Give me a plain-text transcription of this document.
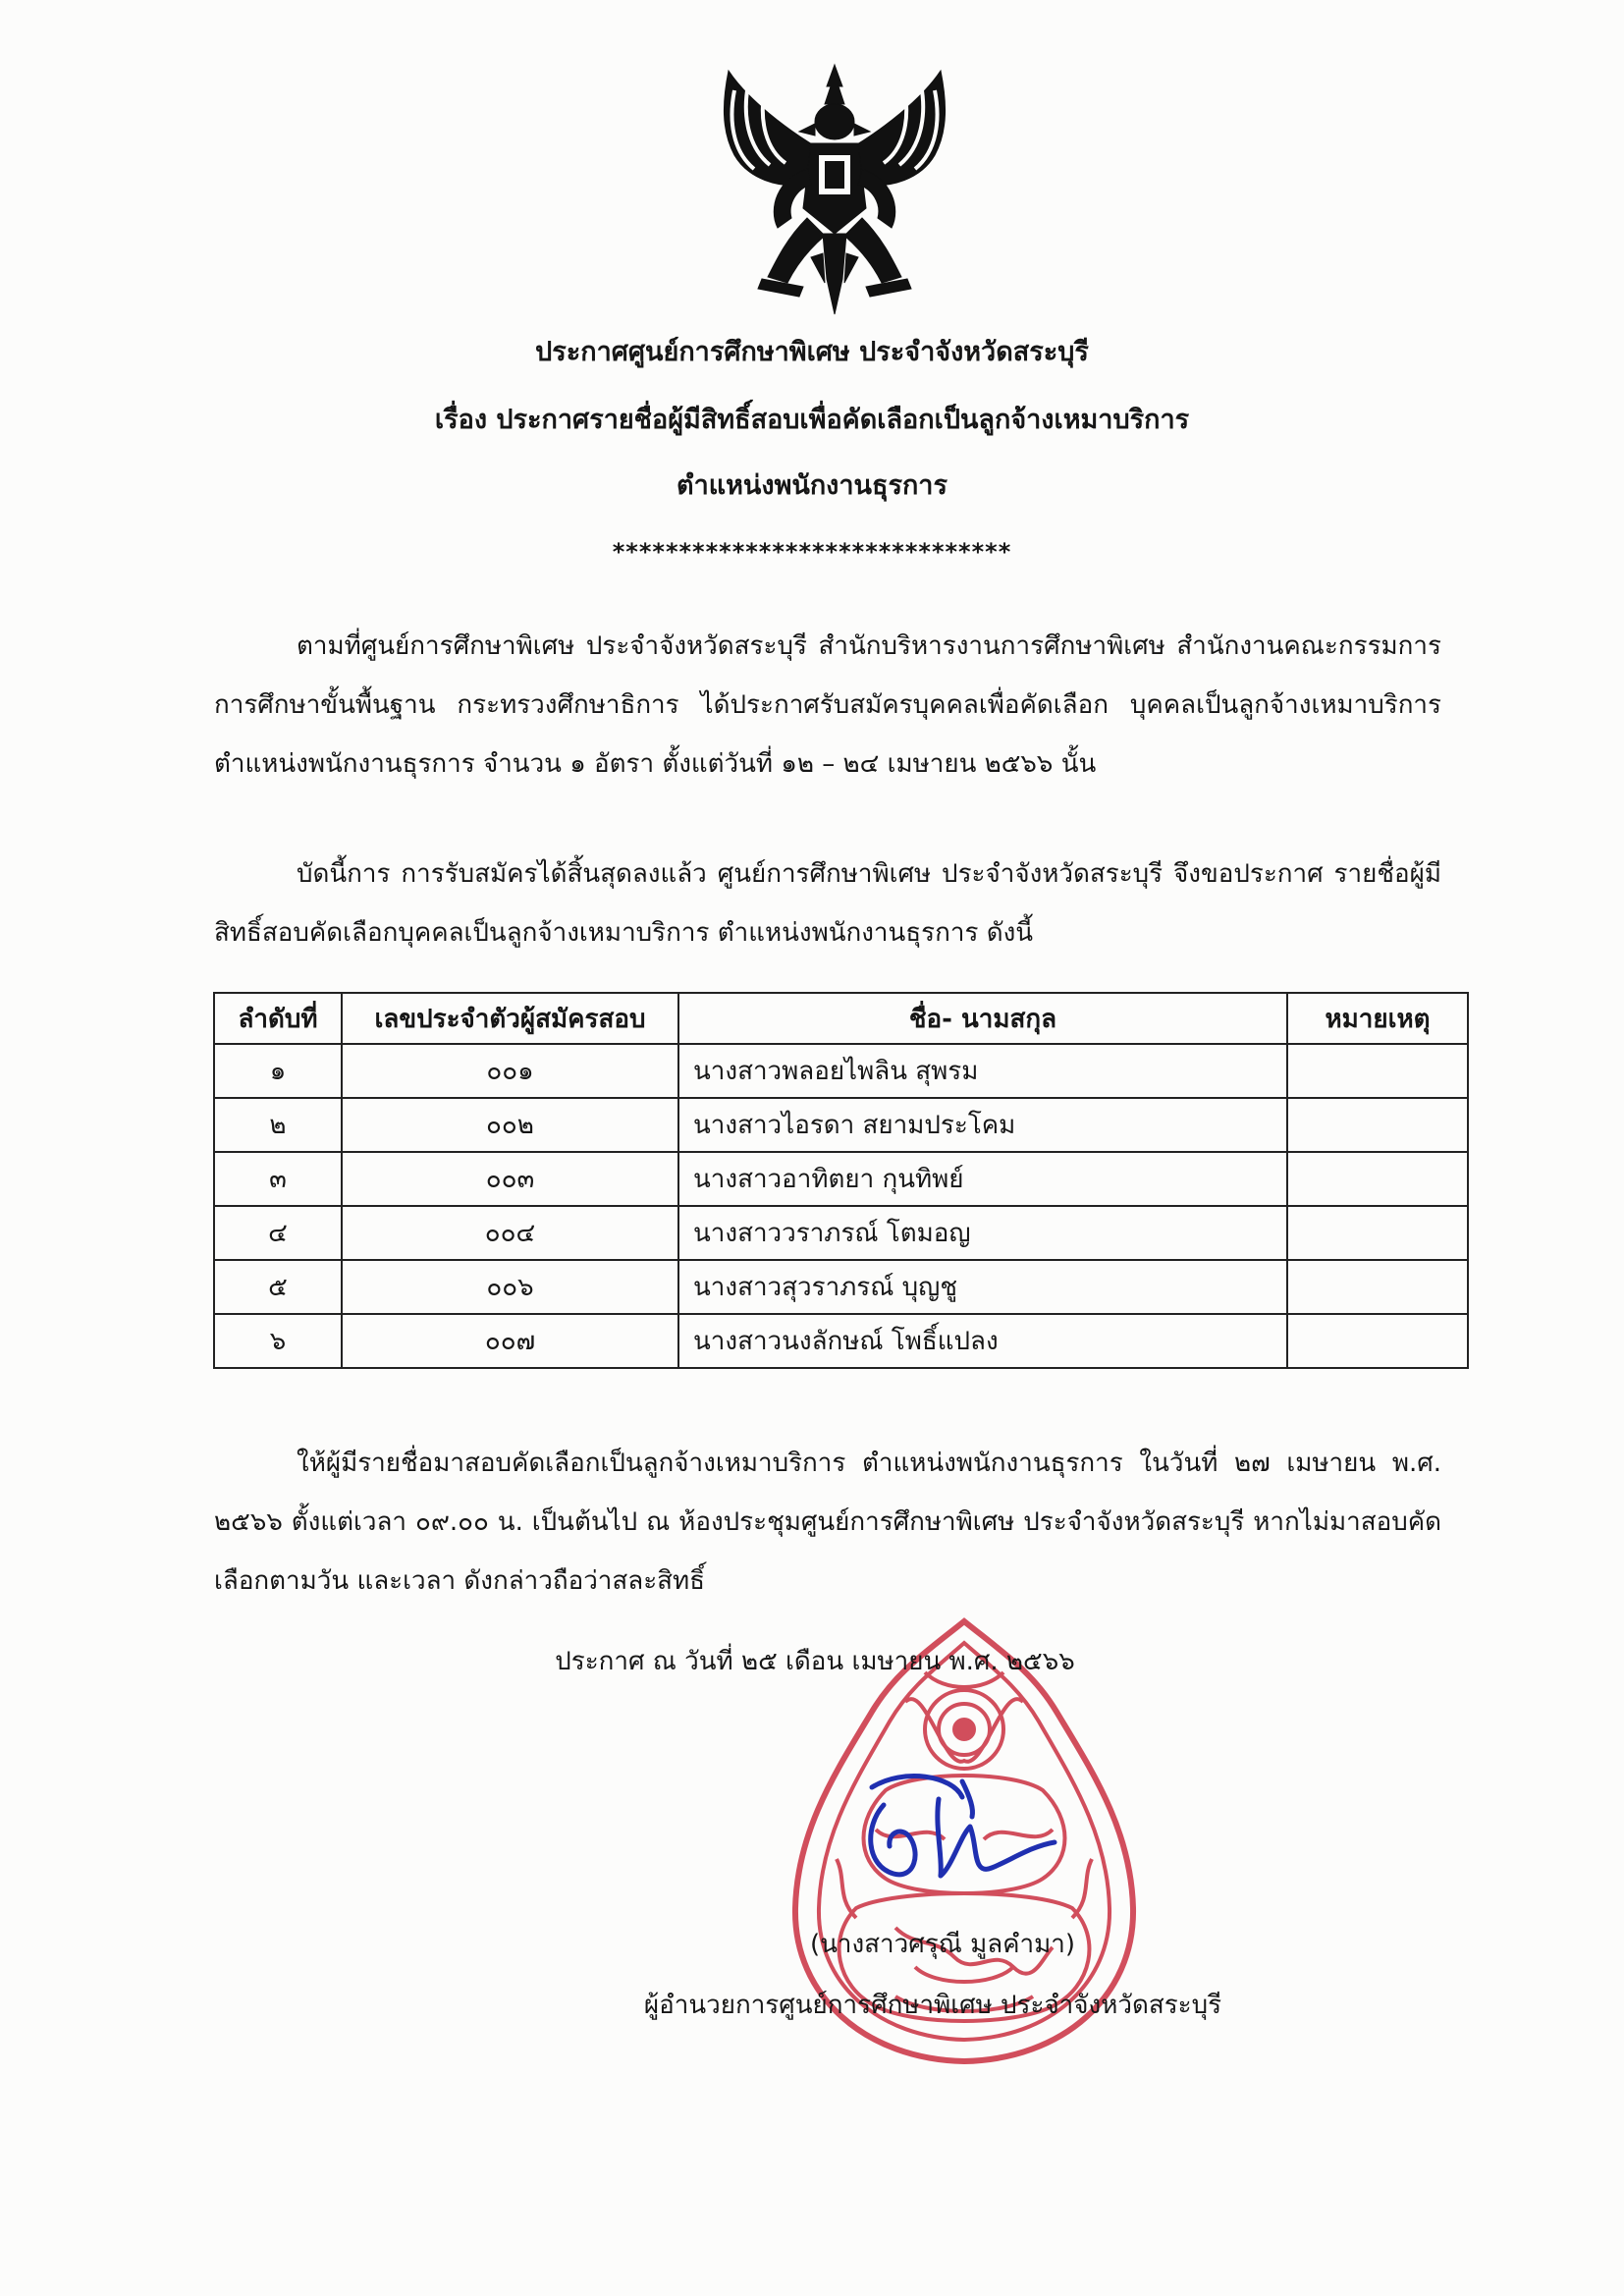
ประกาศศูนย์การศึกษาพิเศษ ประจำจังหวัดสระบุรี
เรื่อง ประกาศรายชื่อผู้มีสิทธิ์สอบเพื่อคัดเลือกเป็นลูกจ้างเหมาบริการ
ตำแหน่งพนักงานธุรการ
******************************
ตามที่ศูนย์การศึกษาพิเศษ ประจำจังหวัดสระบุรี สำนักบริหารงานการศึกษาพิเศษ สำนักงานคณะกรรมการการศึกษาขั้นพื้นฐาน กระทรวงศึกษาธิการ ได้ประกาศรับสมัครบุคคลเพื่อคัดเลือก บุคคลเป็นลูกจ้างเหมาบริการ ตำแหน่งพนักงานธุรการ จำนวน ๑ อัตรา ตั้งแต่วันที่ ๑๒ – ๒๔ เมษายน ๒๕๖๖ นั้น
บัดนี้การ การรับสมัครได้สิ้นสุดลงแล้ว ศูนย์การศึกษาพิเศษ ประจำจังหวัดสระบุรี จึงขอประกาศ รายชื่อผู้มีสิทธิ์สอบคัดเลือกบุคคลเป็นลูกจ้างเหมาบริการ ตำแหน่งพนักงานธุรการ ดังนี้
ลำดับที่	เลขประจำตัวผู้สมัครสอบ	ชื่อ- นามสกุล	หมายเหตุ
๑	๐๐๑	นางสาวพลอยไพลิน สุพรม	
๒	๐๐๒	นางสาวไอรดา สยามประโคม	
๓	๐๐๓	นางสาวอาทิตยา กุนทิพย์	
๔	๐๐๔	นางสาววราภรณ์ โตมอญ	
๕	๐๐๖	นางสาวสุวราภรณ์ บุญชู	
๖	๐๐๗	นางสาวนงลักษณ์ โพธิ์แปลง	
ให้ผู้มีรายชื่อมาสอบคัดเลือกเป็นลูกจ้างเหมาบริการ ตำแหน่งพนักงานธุรการ ในวันที่ ๒๗ เมษายน พ.ศ. ๒๕๖๖ ตั้งแต่เวลา ๐๙.๐๐ น. เป็นต้นไป ณ ห้องประชุมศูนย์การศึกษาพิเศษ ประจำจังหวัดสระบุรี หากไม่มาสอบคัดเลือกตามวัน และเวลา ดังกล่าวถือว่าสละสิทธิ์
ประกาศ ณ วันที่ ๒๕ เดือน เมษายน พ.ศ. ๒๕๖๖
(นางสาวศรุณี มูลคำมา)
ผู้อำนวยการศูนย์การศึกษาพิเศษ ประจำจังหวัดสระบุรี
